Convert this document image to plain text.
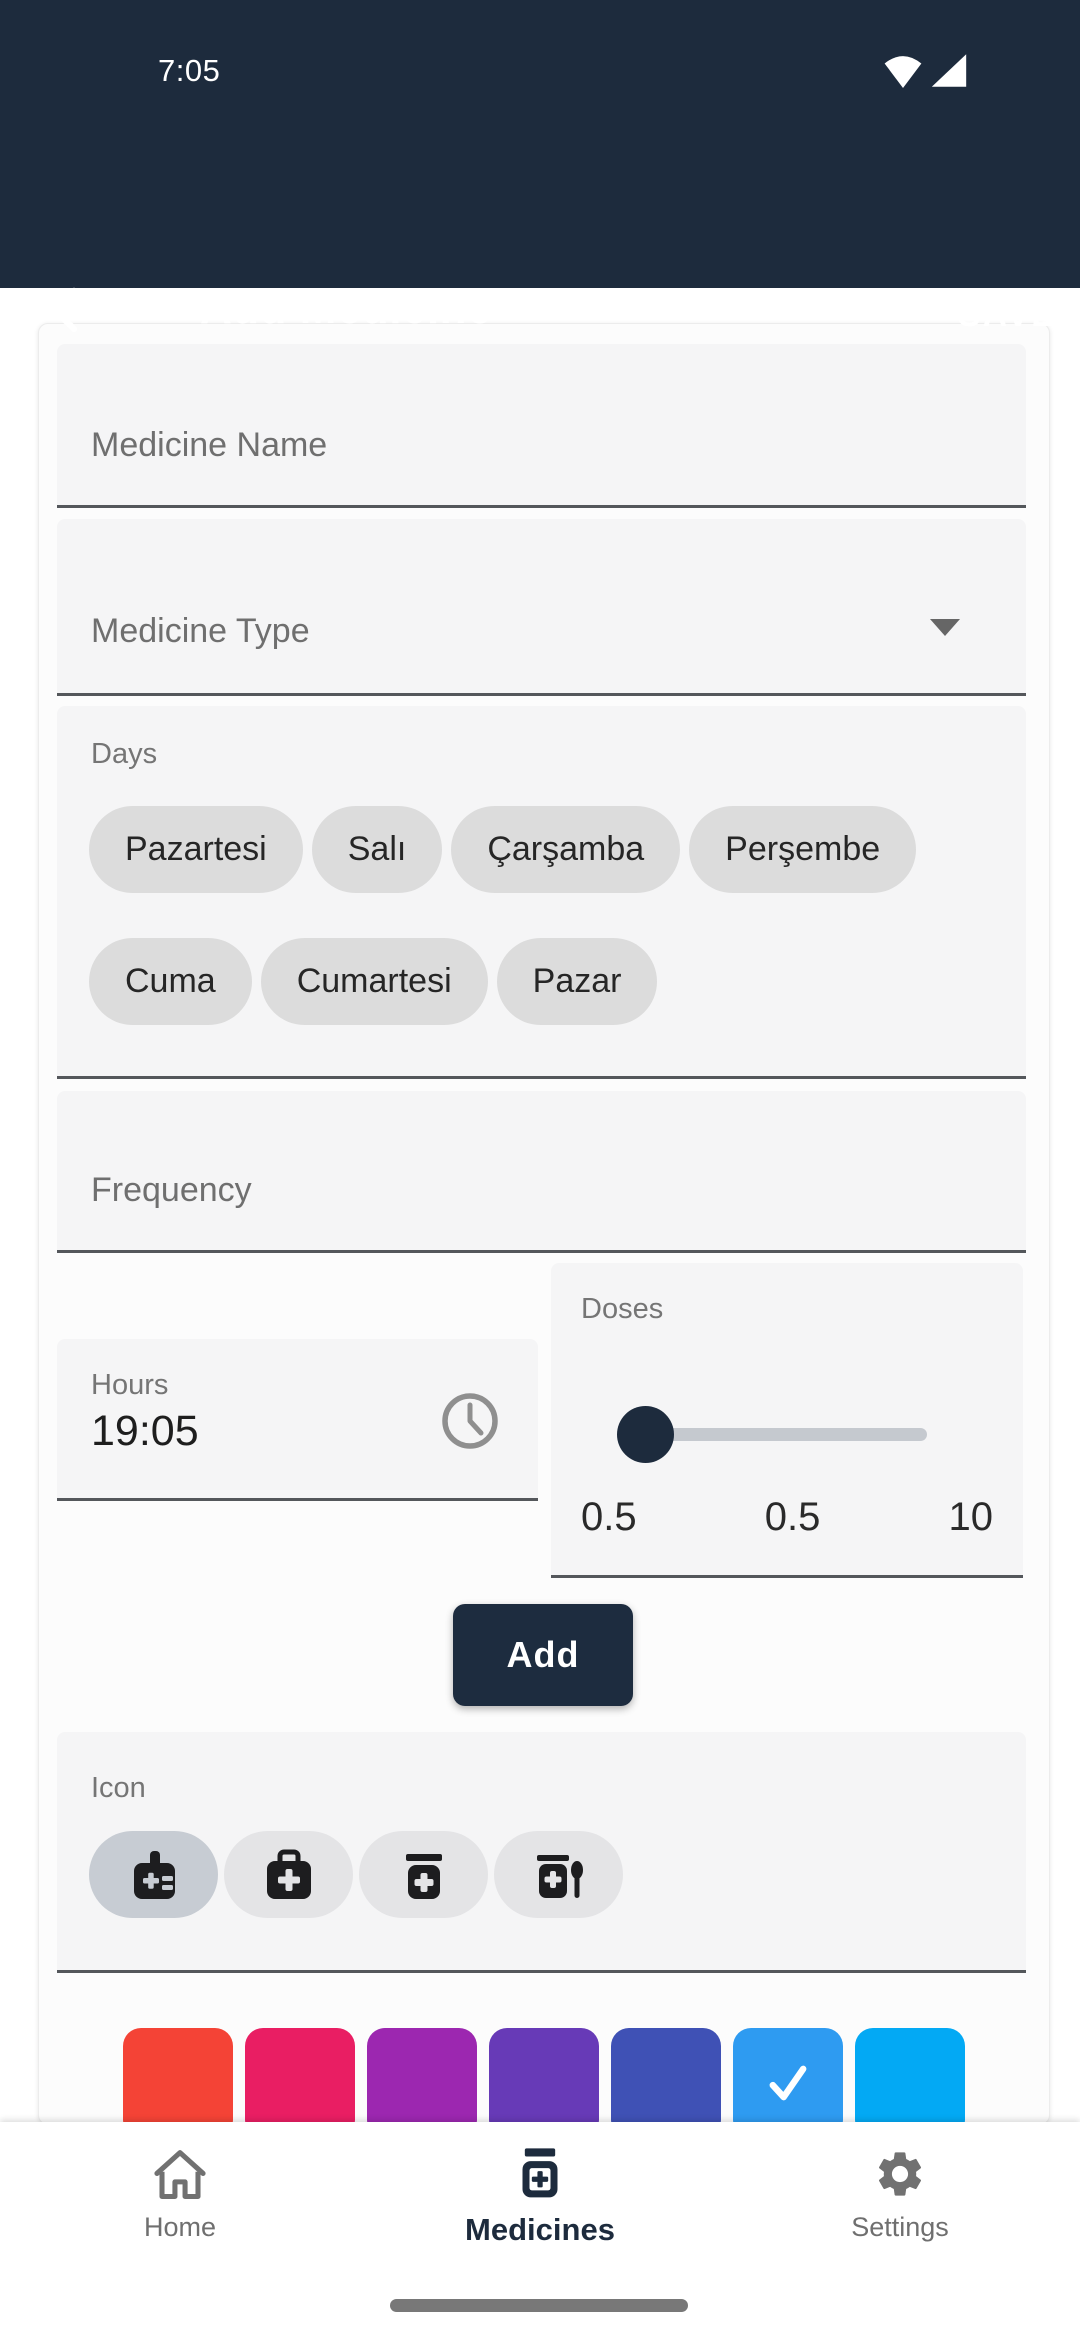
7:05
Add Medicine	SAVE
Medicine Name
Medicine Type
Days
Pazartesi	Salı	Çarşamba	Perşembe
Cuma	Cumartesi	Pazar
Frequency
Hours
19:05
Doses
0.5	0.5	10
Add
Icon
Home	Medicines	Settings
